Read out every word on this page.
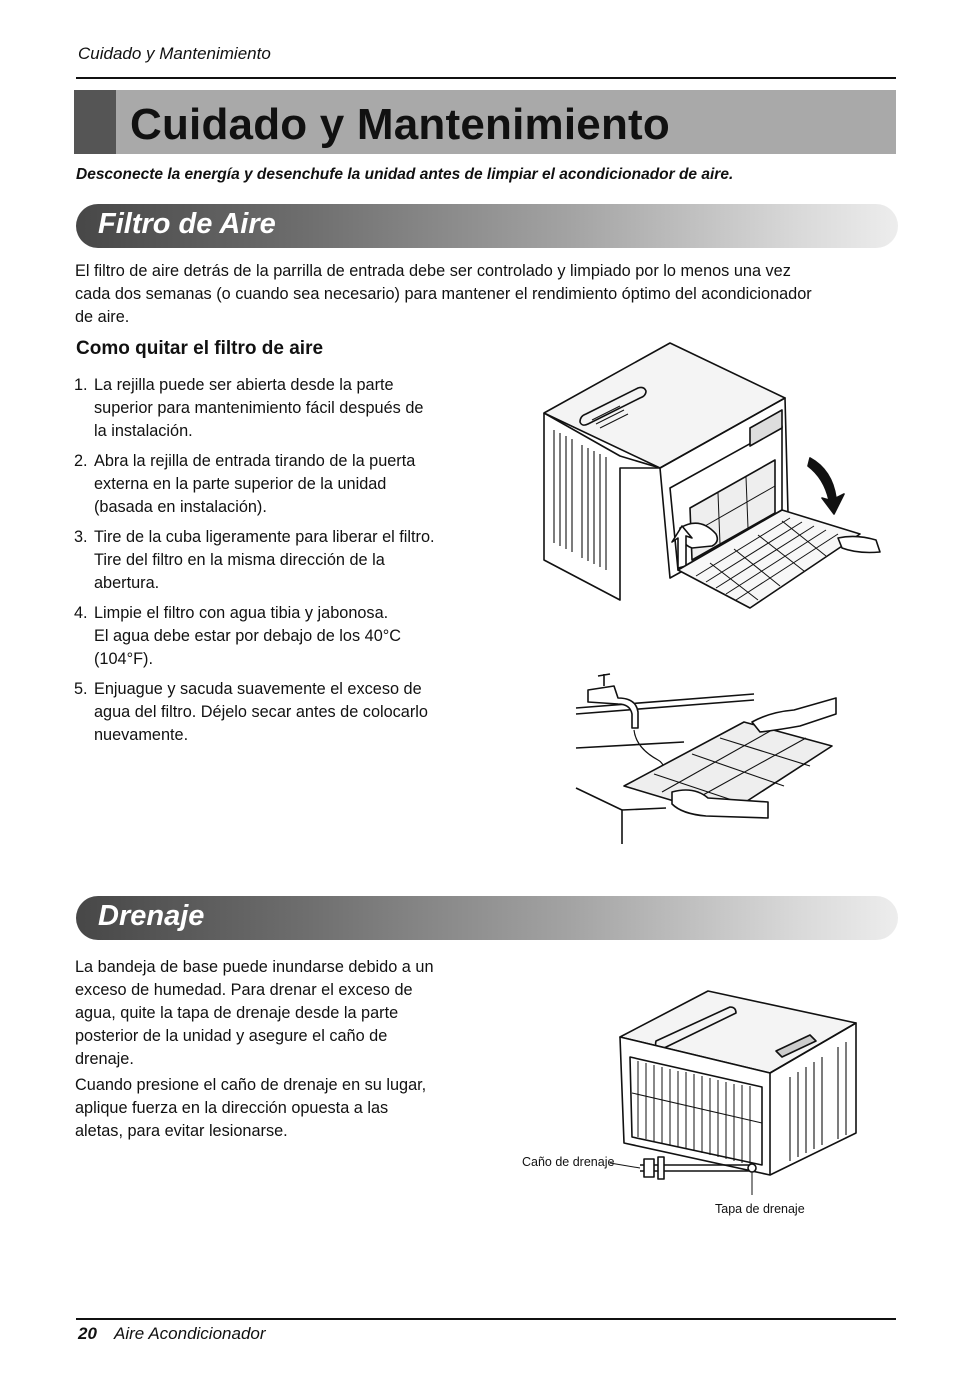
Cuidado y Mantenimiento
Cuidado y Mantenimiento
Desconecte la energía y desenchufe la unidad antes de limpiar el acondicionador de aire.
Filtro de Aire
El filtro de aire detrás de la parrilla de entrada debe ser controlado y limpiado por lo menos una vez
cada dos semanas (o cuando sea necesario) para mantener el rendimiento óptimo del acondicionador
de aire.
Como quitar el filtro de aire
1. La rejilla puede ser abierta desde la parte
superior para mantenimiento fácil después de
la instalación.
2. Abra la rejilla de entrada tirando de la puerta
externa en la parte superior de la unidad
(basada en instalación).
3. Tire de la cuba ligeramente para liberar el filtro.
Tire del filtro en la misma dirección de la
abertura.
4. Limpie el filtro con agua tibia y jabonosa.
El agua debe estar por debajo de los 40°C
(104°F).
5. Enjuague y sacuda suavemente el exceso de
agua del filtro. Déjelo secar antes de colocarlo
nuevamente.
Drenaje
La bandeja de base puede inundarse debido a un
exceso de humedad. Para drenar el exceso de
agua, quite la tapa de drenaje desde la parte
posterior de la unidad y asegure el caño de
drenaje.
Cuando presione el caño de drenaje en su lugar,
aplique fuerza en la dirección opuesta a las
aletas, para evitar lesionarse.
Caño de drenaje
Tapa de drenaje
20 Aire Acondicionador
